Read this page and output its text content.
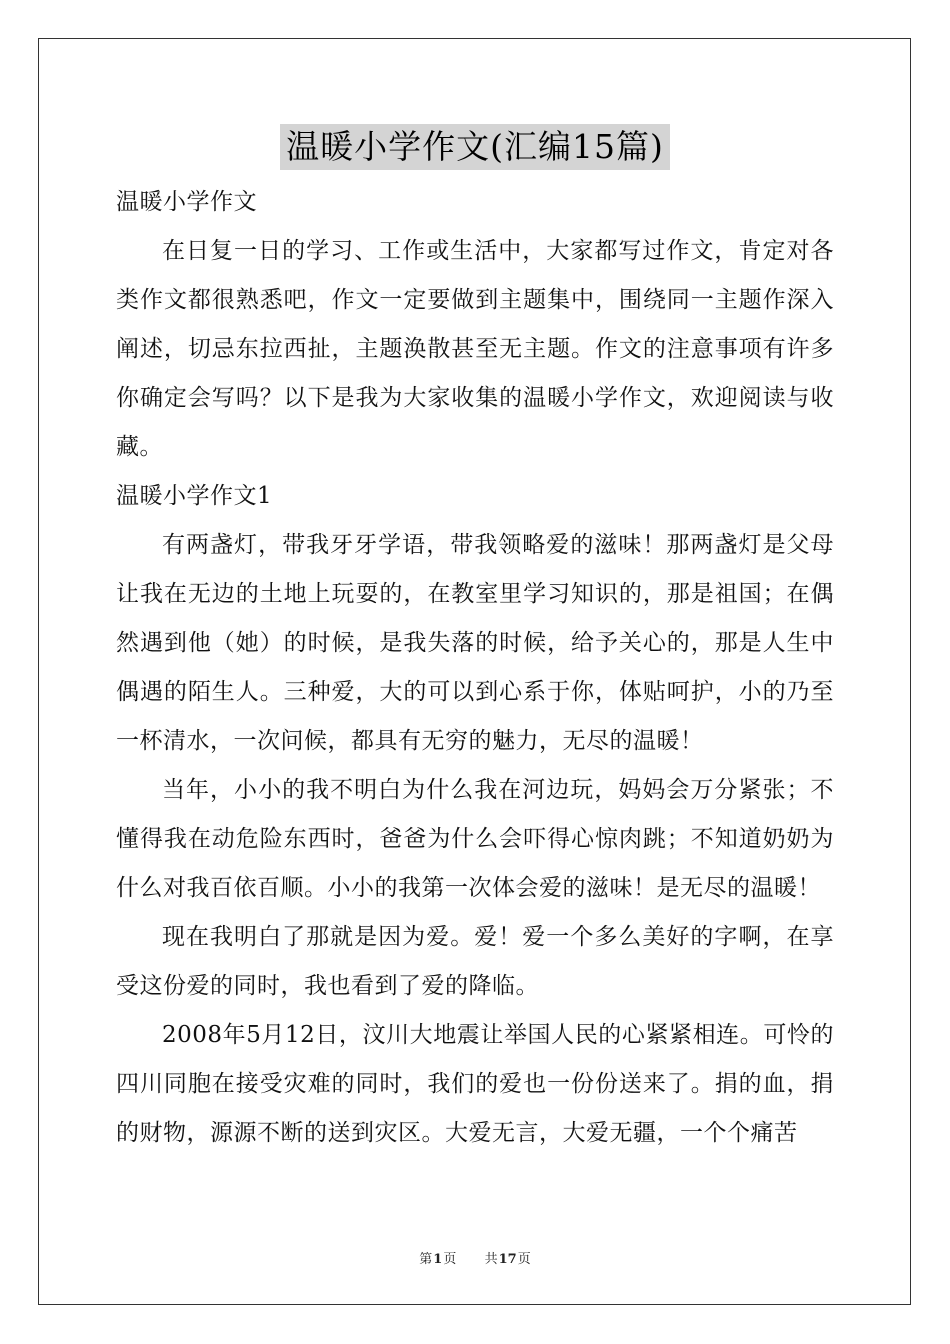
温暖小学作文(汇编15篇)

温暖小学作文

在日复一日的学习、工作或生活中，大家都写过作文，肯定对各类作文都很熟悉吧，作文一定要做到主题集中，围绕同一主题作深入阐述，切忌东拉西扯，主题涣散甚至无主题。作文的注意事项有许多你确定会写吗？以下是我为大家收集的温暖小学作文，欢迎阅读与收藏。

温暖小学作文1

有两盏灯，带我牙牙学语，带我领略爱的滋味！那两盏灯是父母让我在无边的土地上玩耍的，在教室里学习知识的，那是祖国；在偶然遇到他（她）的时候，是我失落的时候，给予关心的，那是人生中偶遇的陌生人。三种爱，大的可以到心系于你，体贴呵护，小的乃至一杯清水，一次问候，都具有无穷的魅力，无尽的温暖！

当年，小小的我不明白为什么我在河边玩，妈妈会万分紧张；不懂得我在动危险东西时，爸爸为什么会吓得心惊肉跳；不知道奶奶为什么对我百依百顺。小小的我第一次体会爱的滋味！是无尽的温暖！

现在我明白了那就是因为爱。爱！爱一个多么美好的字啊，在享受这份爱的同时，我也看到了爱的降临。

2008年5月12日，汶川大地震让举国人民的心紧紧相连。可怜的四川同胞在接受灾难的同时，我们的爱也一份份送来了。捐的血，捐的财物，源源不断的送到灾区。大爱无言，大爱无疆，一个个痛苦

第1页 共17页
